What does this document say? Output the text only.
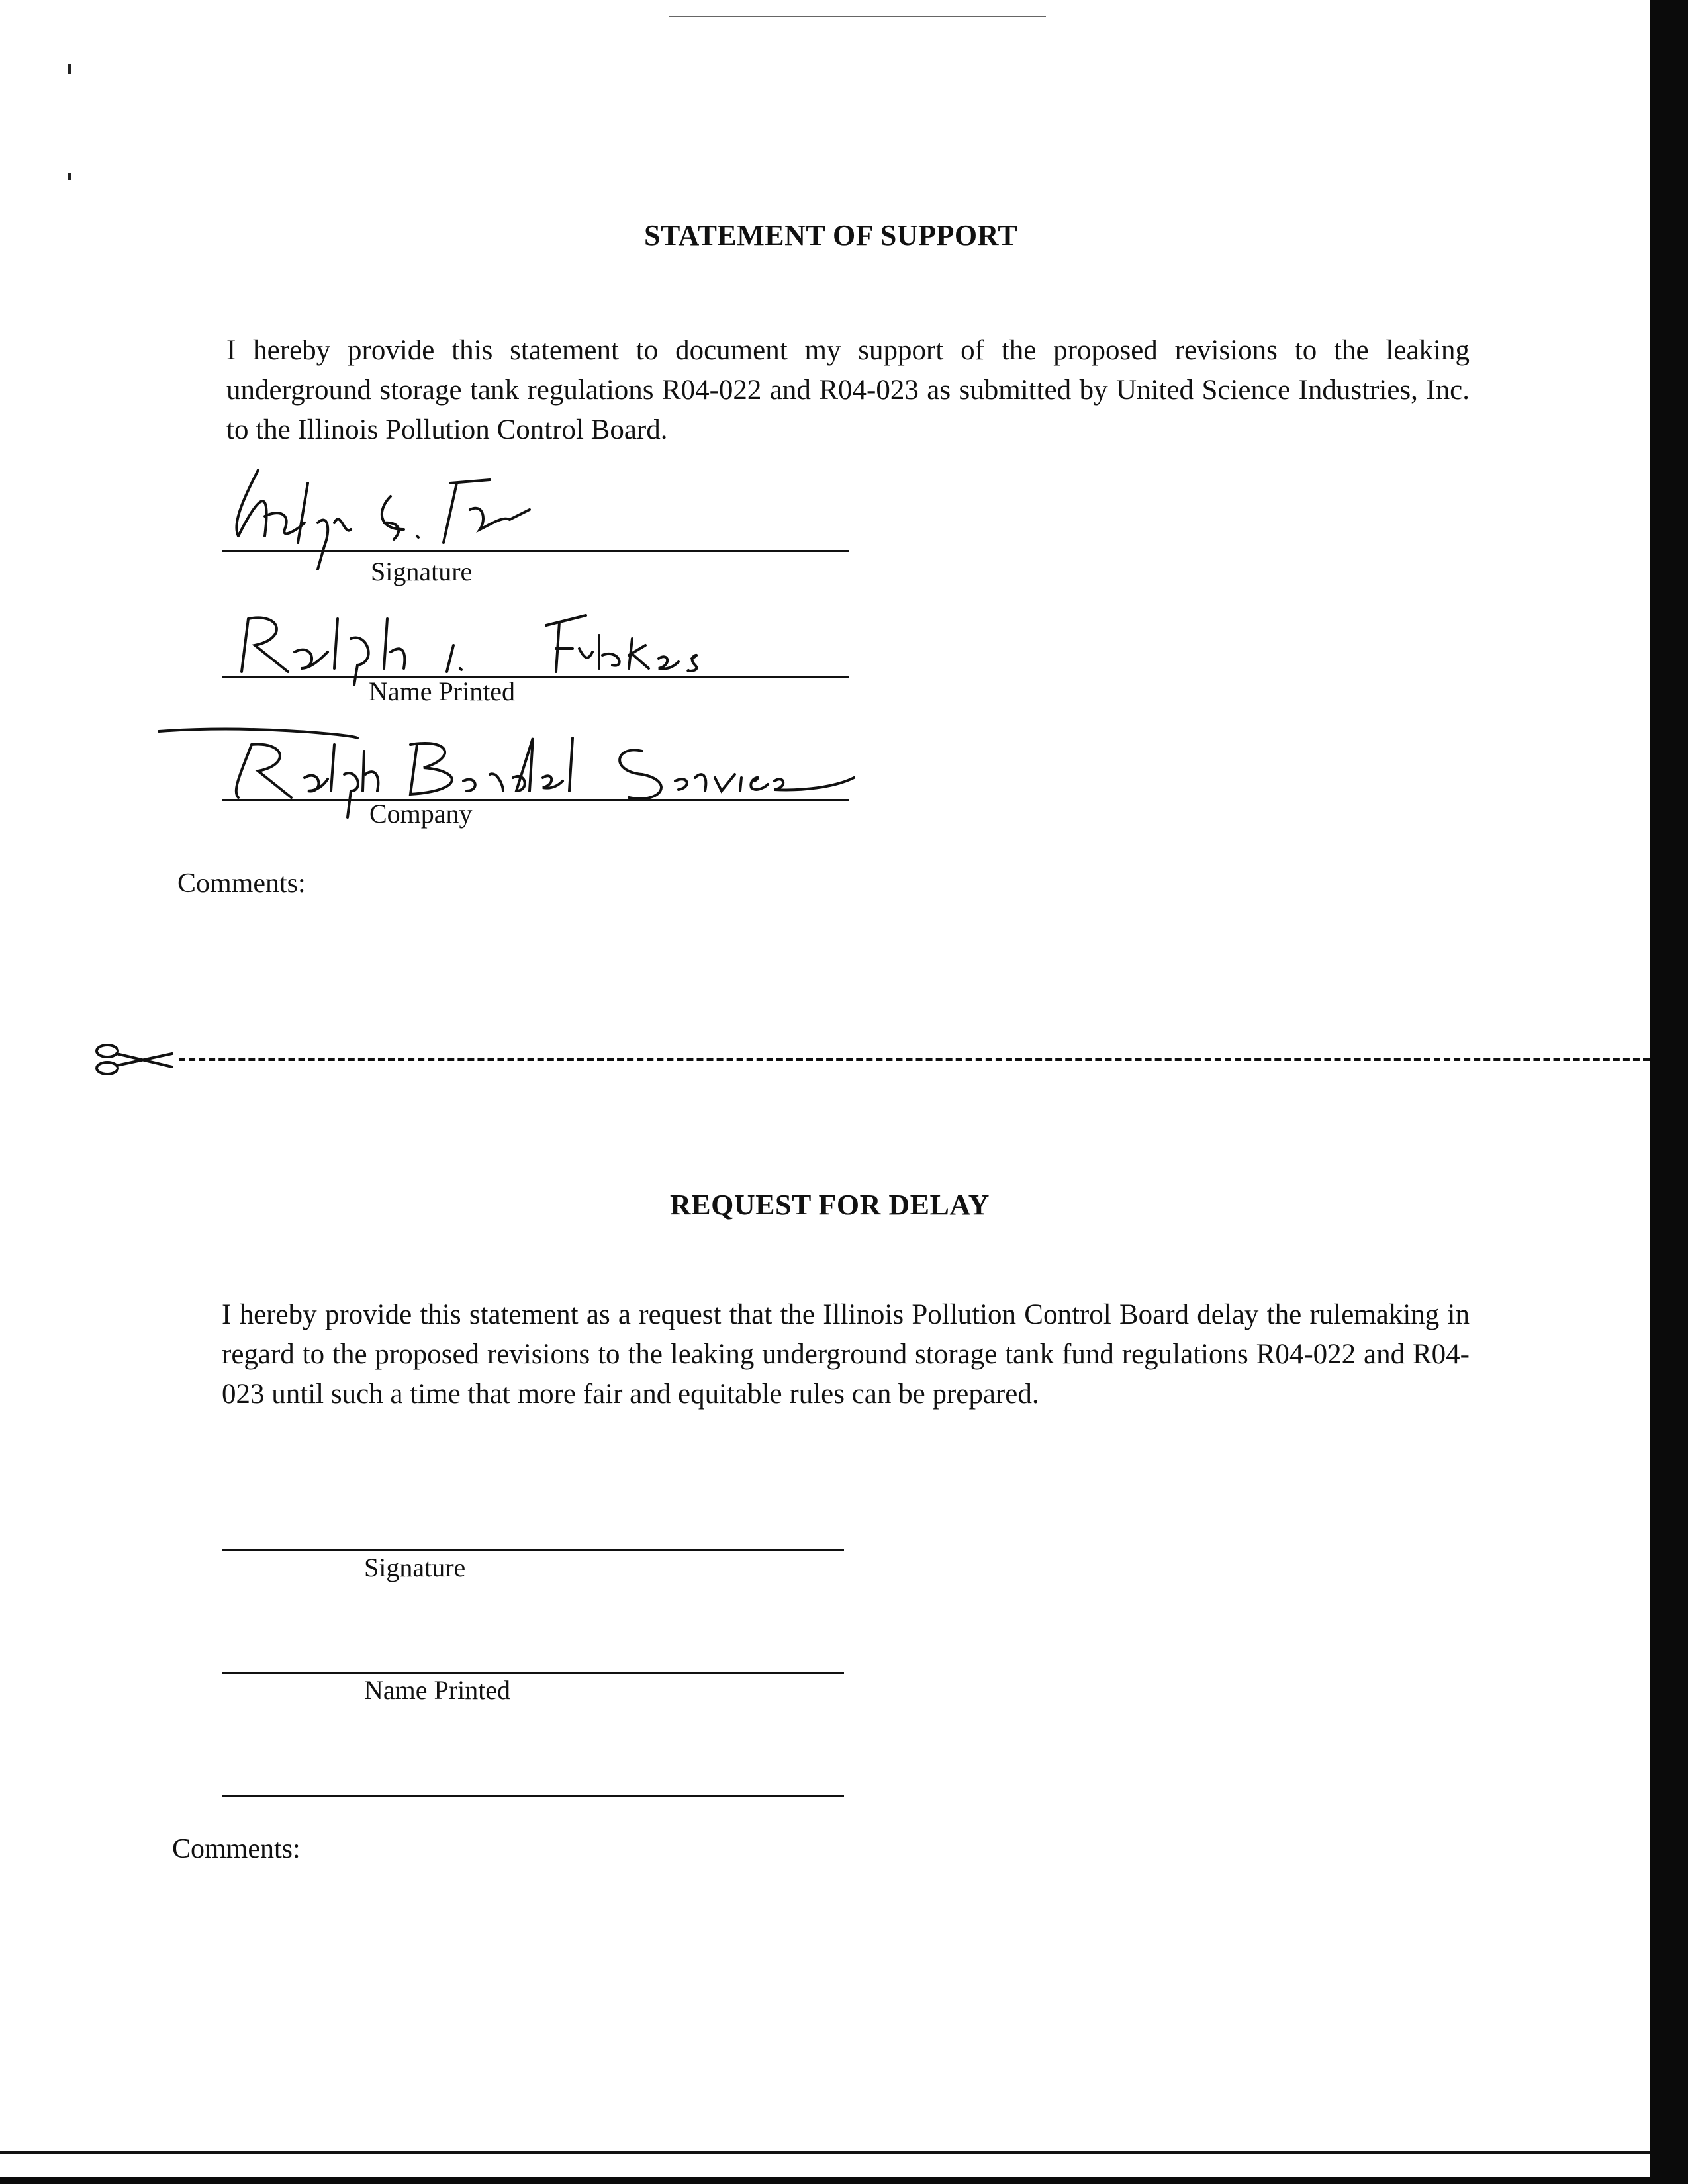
STATEMENT OF SUPPORT
I hereby provide this statement to document my support of the proposed revisions to the leaking underground storage tank regulations R04-022 and R04-023 as submitted by United Science Industries, Inc. to the Illinois Pollution Control Board.
Signature
Name Printed
Company
Comments:
REQUEST FOR DELAY
I hereby provide this statement as a request that the Illinois Pollution Control Board delay the rulemaking in regard to the proposed revisions to the leaking underground storage tank fund regulations R04-022 and R04-023 until such a time that more fair and equitable rules can be prepared.
Signature
Name Printed
Comments:
